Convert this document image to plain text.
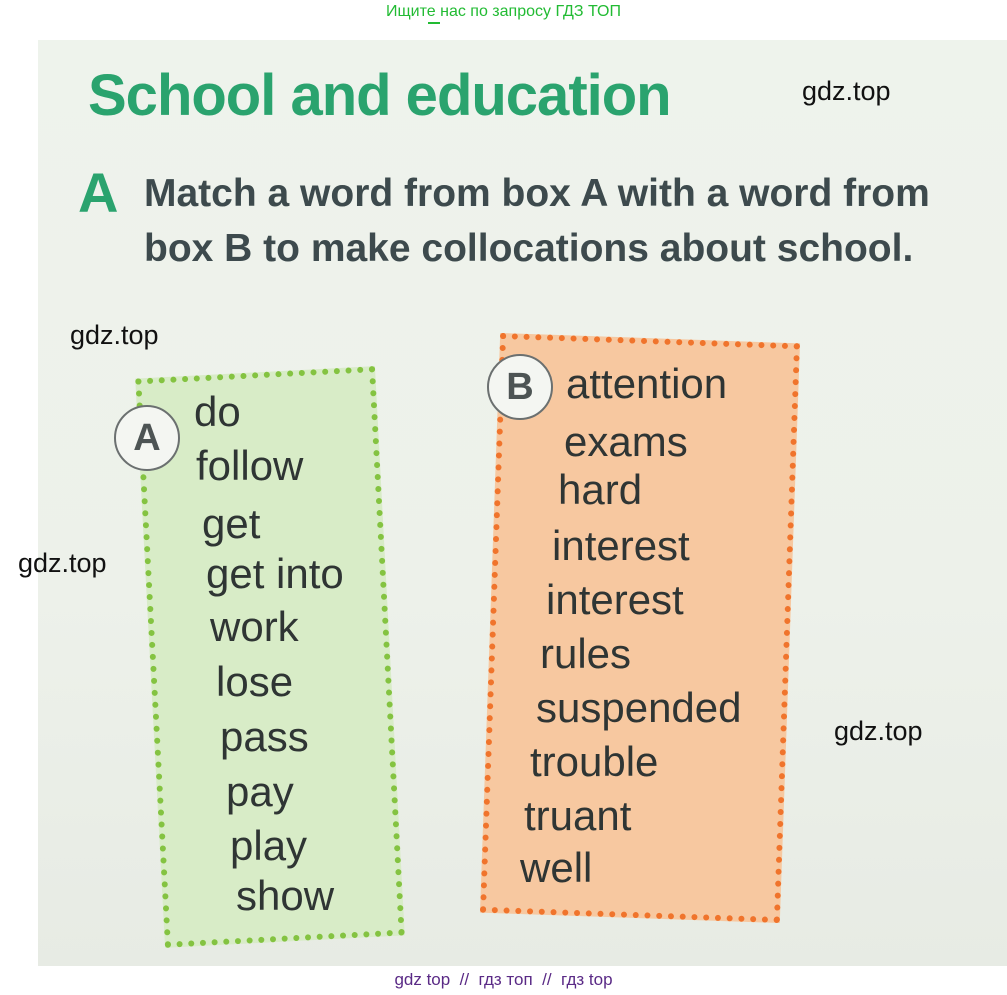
Ищите нас по запросу ГДЗ ТОП

School and education
A Match a word from box A with a word from box B to make collocations about school.
A
B
do
follow
get
get into
work
lose
pass
pay
play
show
attention
exams
hard
interest
interest
rules
suspended
trouble
truant
well
gdz.top
gdz.top
gdz.top
gdz.top
gdz top  //  гдз топ  //  гдз top
